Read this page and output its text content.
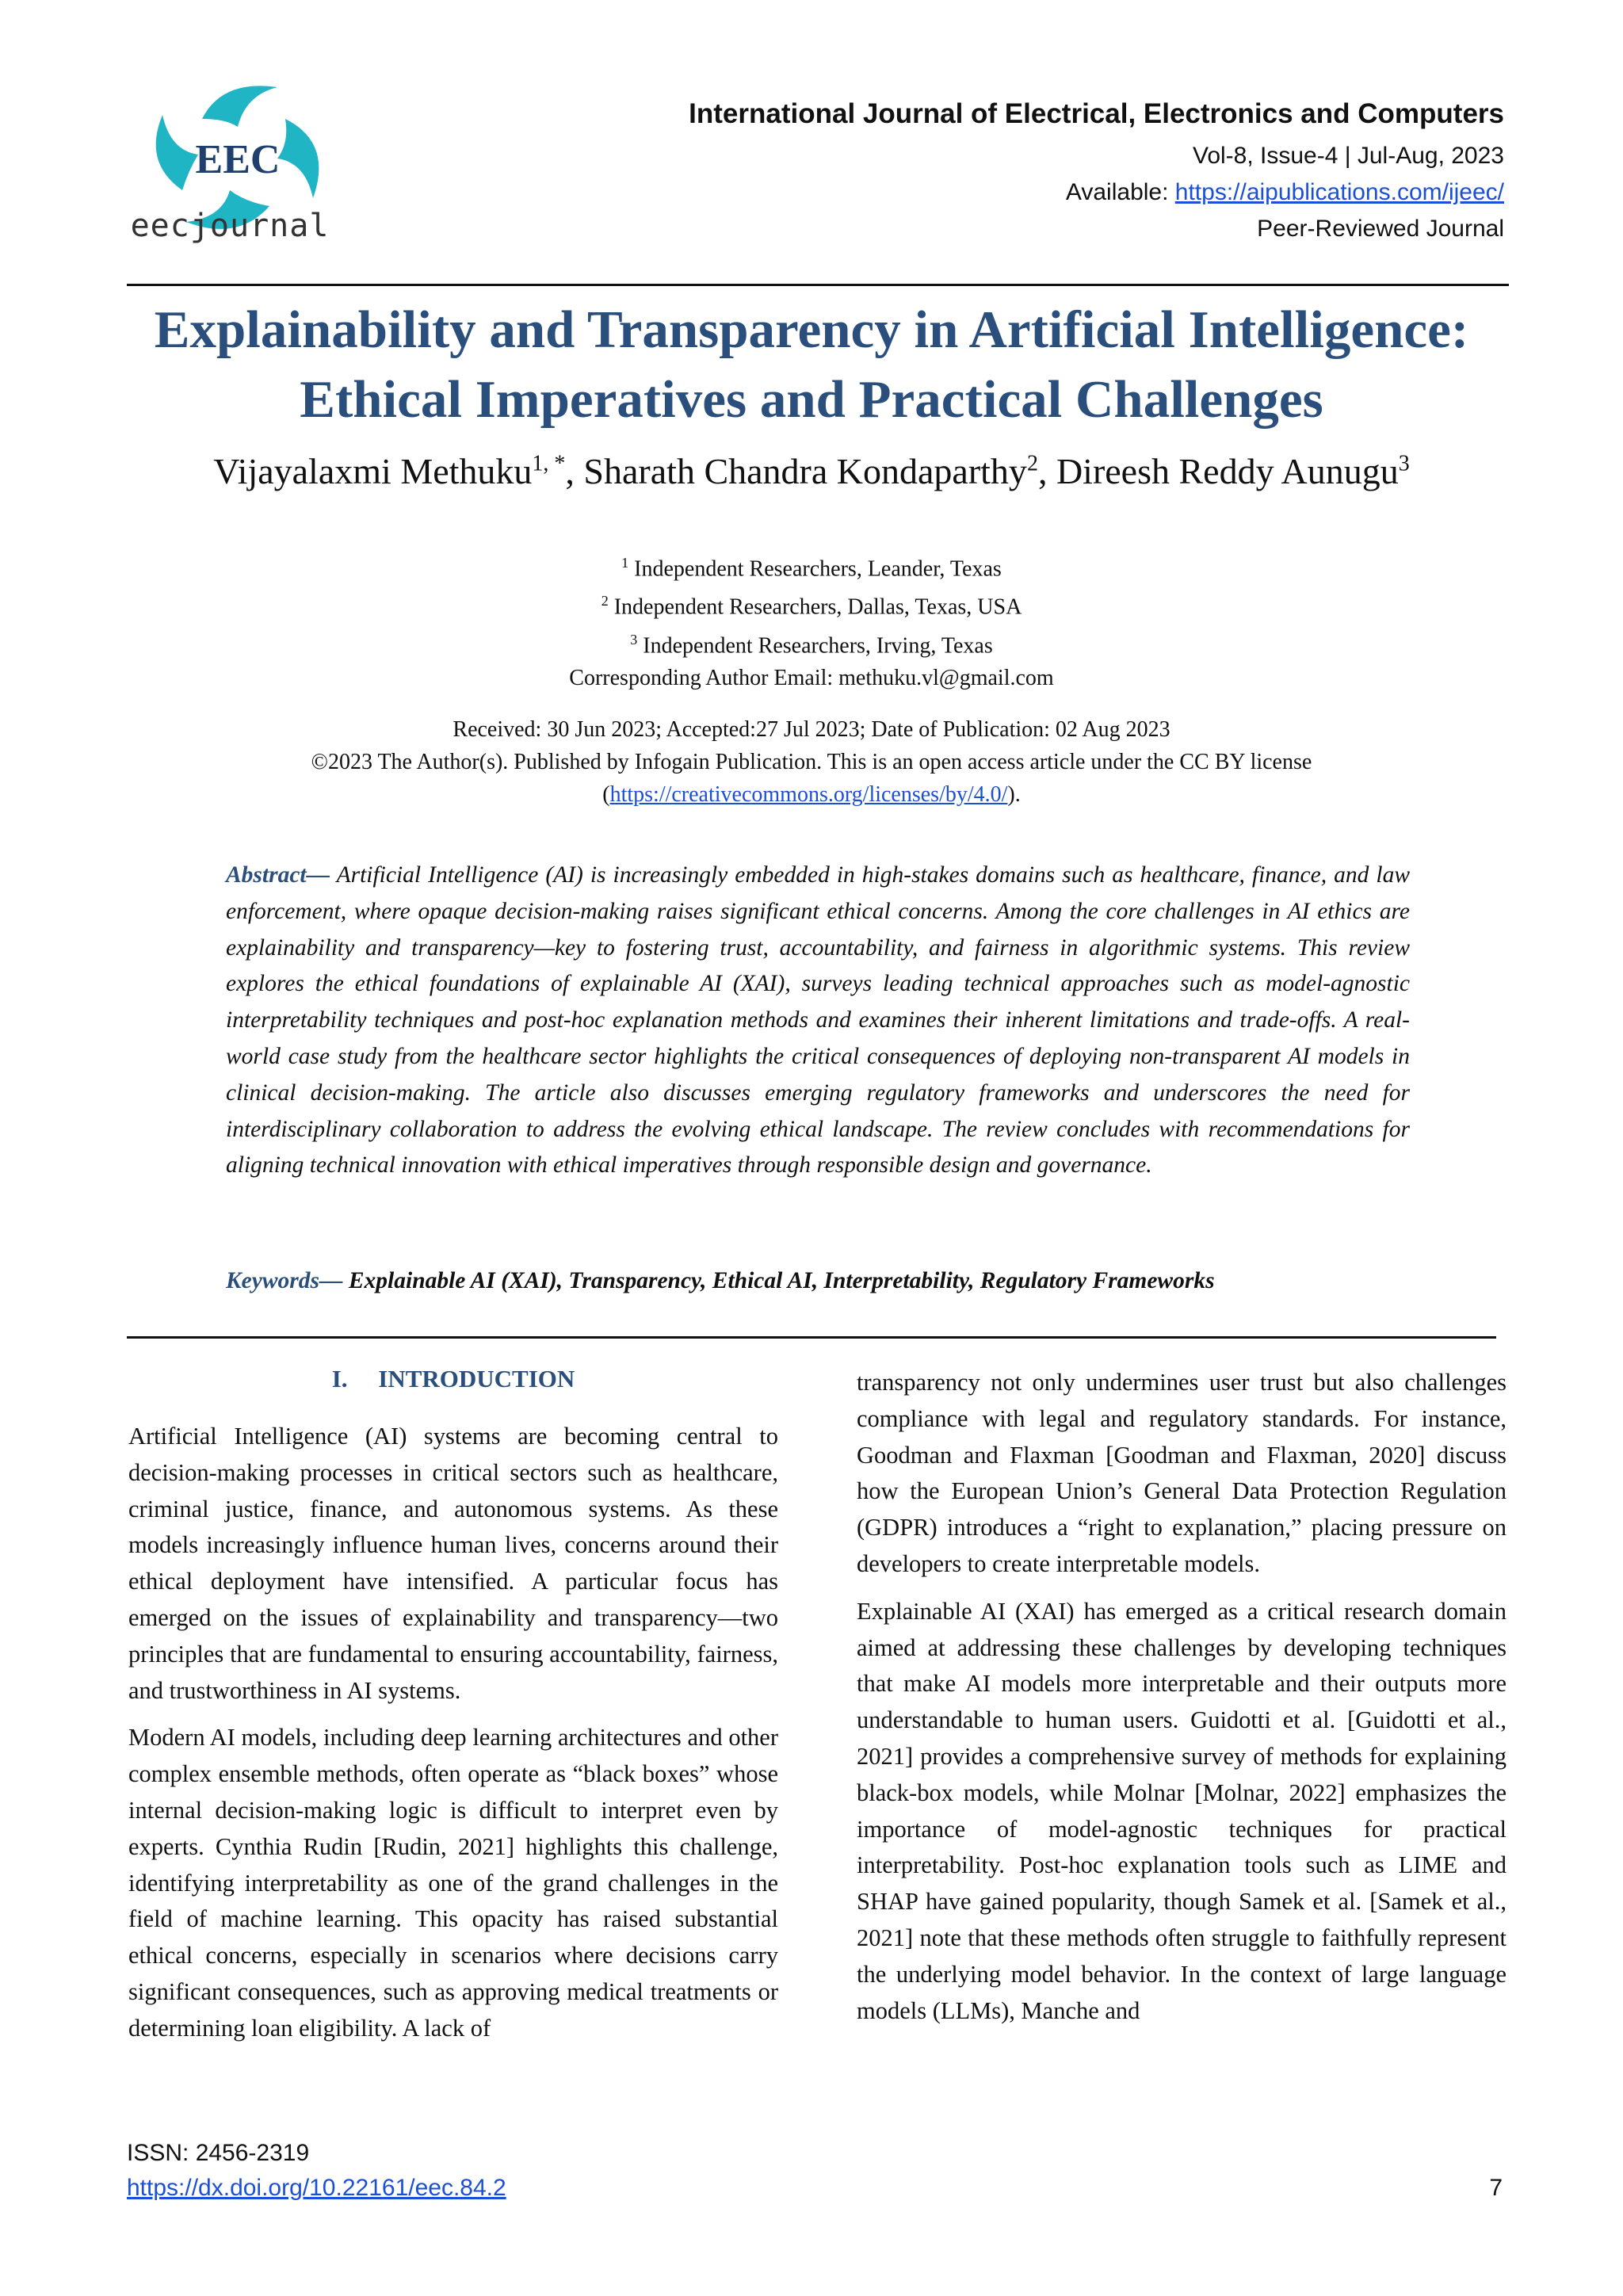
EEC
eecjournal
International Journal of Electrical, Electronics and Computers
Vol-8, Issue-4 | Jul-Aug, 2023
Available: https://aipublications.com/ijeec/
Peer-Reviewed Journal
Explainability and Transparency in Artificial Intelligence:
Ethical Imperatives and Practical Challenges
Vijayalaxmi Methuku$^{1, *}$, Sharath Chandra Kondaparthy$^2$, Direesh Reddy Aunugu$^3$
$^1$ Independent Researchers, Leander, Texas
$^2$ Independent Researchers, Dallas, Texas, USA
$^3$ Independent Researchers, Irving, Texas
Corresponding Author Email: methuku.vl@gmail.com
Received: 30 Jun 2023; Accepted:27 Jul 2023; Date of Publication: 02 Aug 2023
©2023 The Author(s). Published by Infogain Publication. This is an open access article under the CC BY license
(https://creativecommons.org/licenses/by/4.0/).
Abstract— Artificial Intelligence (AI) is increasingly embedded in high-stakes domains such as healthcare, finance, and law enforcement, where opaque decision-making raises significant ethical concerns. Among the core challenges in AI ethics are explainability and transparency—key to fostering trust, accountability, and fairness in algorithmic systems. This review explores the ethical foundations of explainable AI (XAI), surveys leading technical approaches such as model-agnostic interpretability techniques and post-hoc explanation methods and examines their inherent limitations and trade-offs. A real-world case study from the healthcare sector highlights the critical consequences of deploying non-transparent AI models in clinical decision-making. The article also discusses emerging regulatory frameworks and underscores the need for interdisciplinary collaboration to address the evolving ethical landscape. The review concludes with recommendations for aligning technical innovation with ethical imperatives through responsible design and governance.
Keywords— Explainable AI (XAI), Transparency, Ethical AI, Interpretability, Regulatory Frameworks
I.     INTRODUCTION

Artificial Intelligence (AI) systems are becoming central to decision-making processes in critical sectors such as healthcare, criminal justice, finance, and autonomous systems. As these models increasingly influence human lives, concerns around their ethical deployment have intensified. A particular focus has emerged on the issues of explainability and transparency—two principles that are fundamental to ensuring accountability, fairness, and trustworthiness in AI systems.

Modern AI models, including deep learning architectures and other complex ensemble methods, often operate as “black boxes” whose internal decision-making logic is difficult to interpret even by experts. Cynthia Rudin [Rudin, 2021] highlights this challenge, identifying interpretability as one of the grand challenges in the field of machine learning. This opacity has raised substantial ethical concerns, especially in scenarios where decisions carry significant consequences, such as approving medical treatments or determining loan eligibility. A lack of

transparency not only undermines user trust but also challenges compliance with legal and regulatory standards. For instance, Goodman and Flaxman [Goodman and Flaxman, 2020] discuss how the European Union’s General Data Protection Regulation (GDPR) introduces a “right to explanation,” placing pressure on developers to create interpretable models.

Explainable AI (XAI) has emerged as a critical research domain aimed at addressing these challenges by developing techniques that make AI models more interpretable and their outputs more understandable to human users. Guidotti et al. [Guidotti et al., 2021] provides a comprehensive survey of methods for explaining black-box models, while Molnar [Molnar, 2022] emphasizes the importance of model-agnostic techniques for practical interpretability. Post-hoc explanation tools such as LIME and SHAP have gained popularity, though Samek et al. [Samek et al., 2021] note that these methods often struggle to faithfully represent the underlying model behavior. In the context of large language models (LLMs), Manche and

ISSN: 2456-2319
https://dx.doi.org/10.22161/eec.84.2	7
